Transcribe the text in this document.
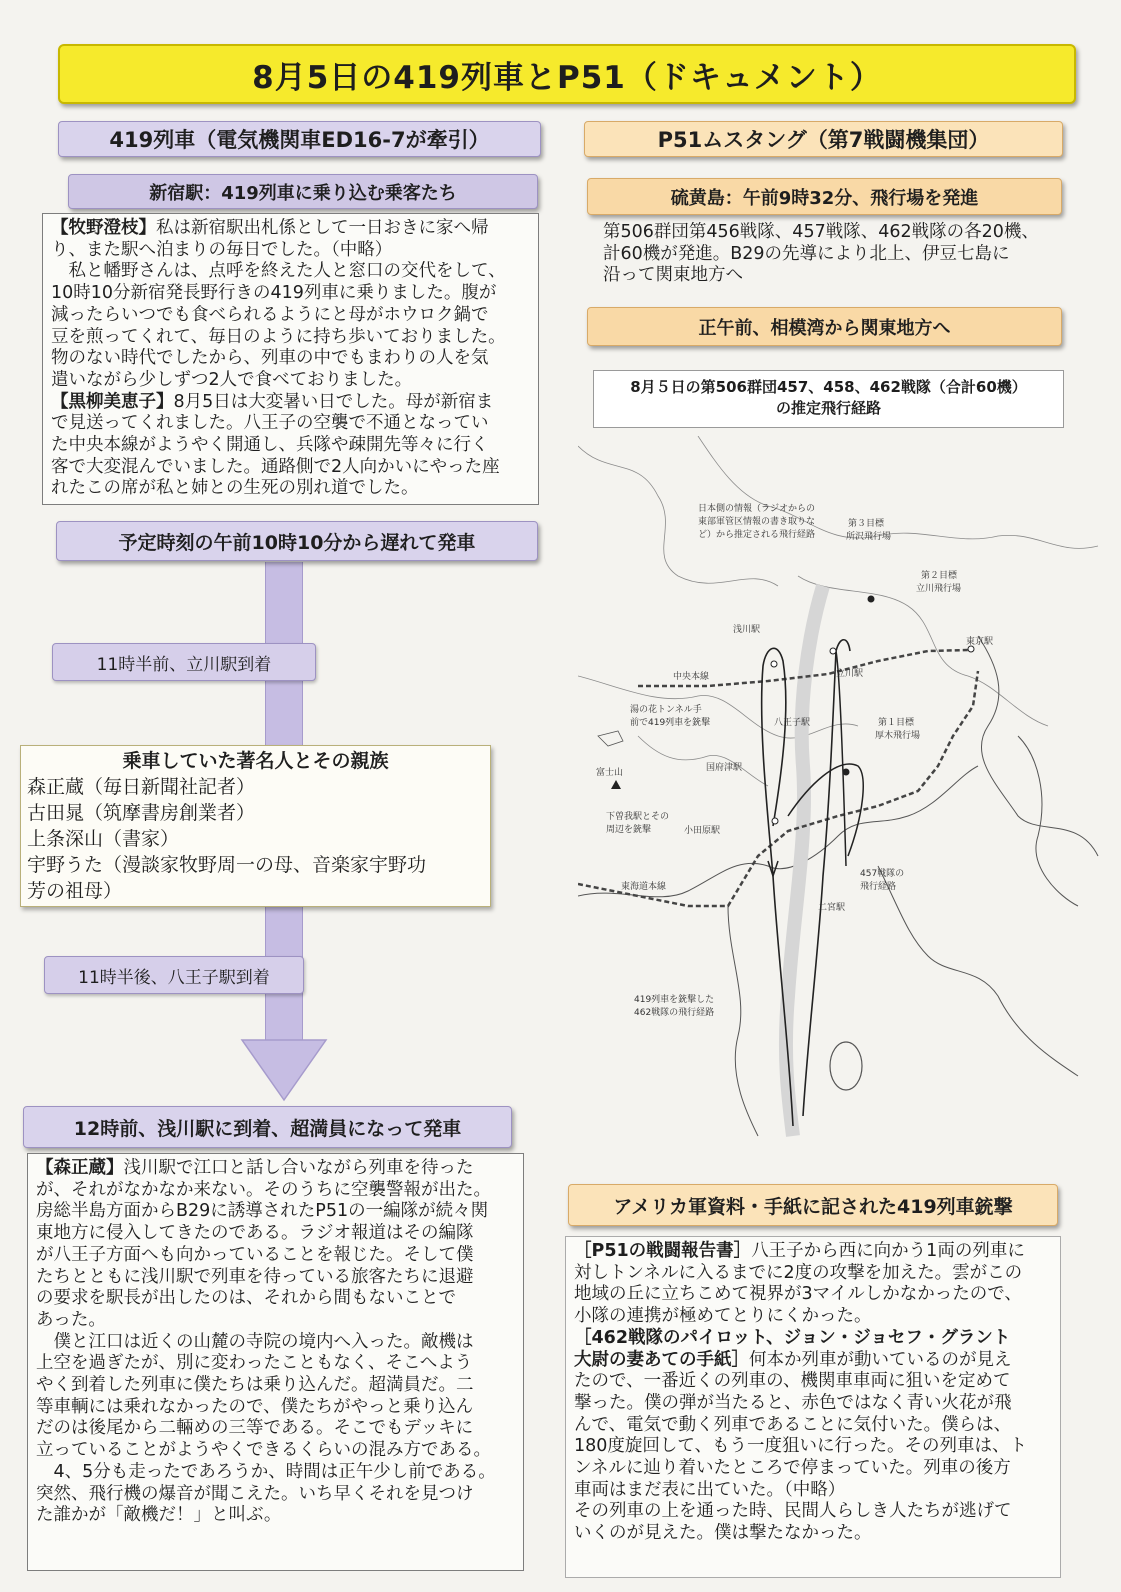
8月5日の419列車とP51（ドキュメント）
419列車（電気機関車ED16-7が牽引）
新宿駅：419列車に乗り込む乗客たち

【牧野澄枝】私は新宿駅出札係として一日おきに家へ帰

り、また駅へ泊まりの毎日でした。（中略）

　私と幡野さんは、点呼を終えた人と窓口の交代をして、

10時10分新宿発長野行きの419列車に乗りました。腹が

減ったらいつでも食べられるようにと母がホウロク鍋で

豆を煎ってくれて、毎日のように持ち歩いておりました。

物のない時代でしたから、列車の中でもまわりの人を気

遣いながら少しずつ2人で食べておりました。

【黒柳美恵子】8月5日は大変暑い日でした。母が新宿ま

で見送ってくれました。八王子の空襲で不通となってい

た中央本線がようやく開通し、兵隊や疎開先等々に行く

客で大変混んでいました。通路側で2人向かいにやった座

れたこの席が私と姉との生死の別れ道でした。

予定時刻の午前10時10分から遅れて発車
11時半前、立川駅到着
乗車していた著名人とその親族
森正蔵（毎日新聞社記者）
古田晁（筑摩書房創業者）
上条深山（書家）
宇野うた（漫談家牧野周一の母、音楽家宇野功
芳の祖母）
11時半後、八王子駅到着
12時前、浅川駅に到着、超満員になって発車

【森正蔵】浅川駅で江口と話し合いながら列車を待った

が、それがなかなか来ない。そのうちに空襲警報が出た。

房総半島方面からB29に誘導されたP51の一編隊が続々関

東地方に侵入してきたのである。ラジオ報道はその編隊

が八王子方面へも向かっていることを報じた。そして僕

たちとともに浅川駅で列車を待っている旅客たちに退避

の要求を駅長が出したのは、それから間もないことで

あった。

　僕と江口は近くの山麓の寺院の境内へ入った。敵機は

上空を過ぎたが、別に変わったこともなく、そこへよう

やく到着した列車に僕たちは乗り込んだ。超満員だ。二

等車輌には乗れなかったので、僕たちがやっと乗り込ん

だのは後尾から二輛めの三等である。そこでもデッキに

立っていることがようやくできるくらいの混み方である。

　4、5分も走ったであろうか、時間は正午少し前である。

突然、飛行機の爆音が聞こえた。いち早くそれを見つけ

た誰かが「敵機だ！」と叫ぶ。

P51ムスタング（第7戦闘機集団）
硫黄島：午前9時32分、飛行場を発進
第506群団第456戦隊、457戦隊、462戦隊の各20機、
計60機が発進。B29の先導により北上、伊豆七島に
沿って関東地方へ
正午前、相模湾から関東地方へ
8月５日の第506群団457、458、462戦隊（合計60機）
の推定飛行経路
日本側の情報（ラジオからの
東部軍管区情報の書き取りな
ど）から推定される飛行経路
第３目標
所沢飛行場
第２目標
立川飛行場
浅川駅
東京駅
中央本線	立川駅
湯の花トンネル手
前で419列車を銃撃	八王子駅	第１目標
厚木飛行場
富士山	国府津駅
下曽我駅とその
周辺を銃撃	小田原駅
457戦隊の
飛行経路
東海道本線
二宮駅
419列車を銃撃した
462戦隊の飛行経路
アメリカ軍資料・手紙に記された419列車銃撃

［P51の戦闘報告書］八王子から西に向かう1両の列車に

対しトンネルに入るまでに2度の攻撃を加えた。雲がこの

地域の丘に立ちこめて視界が3マイルしかなかったので、

小隊の連携が極めてとりにくかった。

［462戦隊のパイロット、ジョン・ジョセフ・グラント

大尉の妻あての手紙］何本か列車が動いているのが見え

たので、一番近くの列車の、機関車車両に狙いを定めて

撃った。僕の弾が当たると、赤色ではなく青い火花が飛

んで、電気で動く列車であることに気付いた。僕らは、

180度旋回して、もう一度狙いに行った。その列車は、ト

ンネルに辿り着いたところで停まっていた。列車の後方

車両はまだ表に出ていた。（中略）

その列車の上を通った時、民間人らしき人たちが逃げて

いくのが見えた。僕は撃たなかった。
